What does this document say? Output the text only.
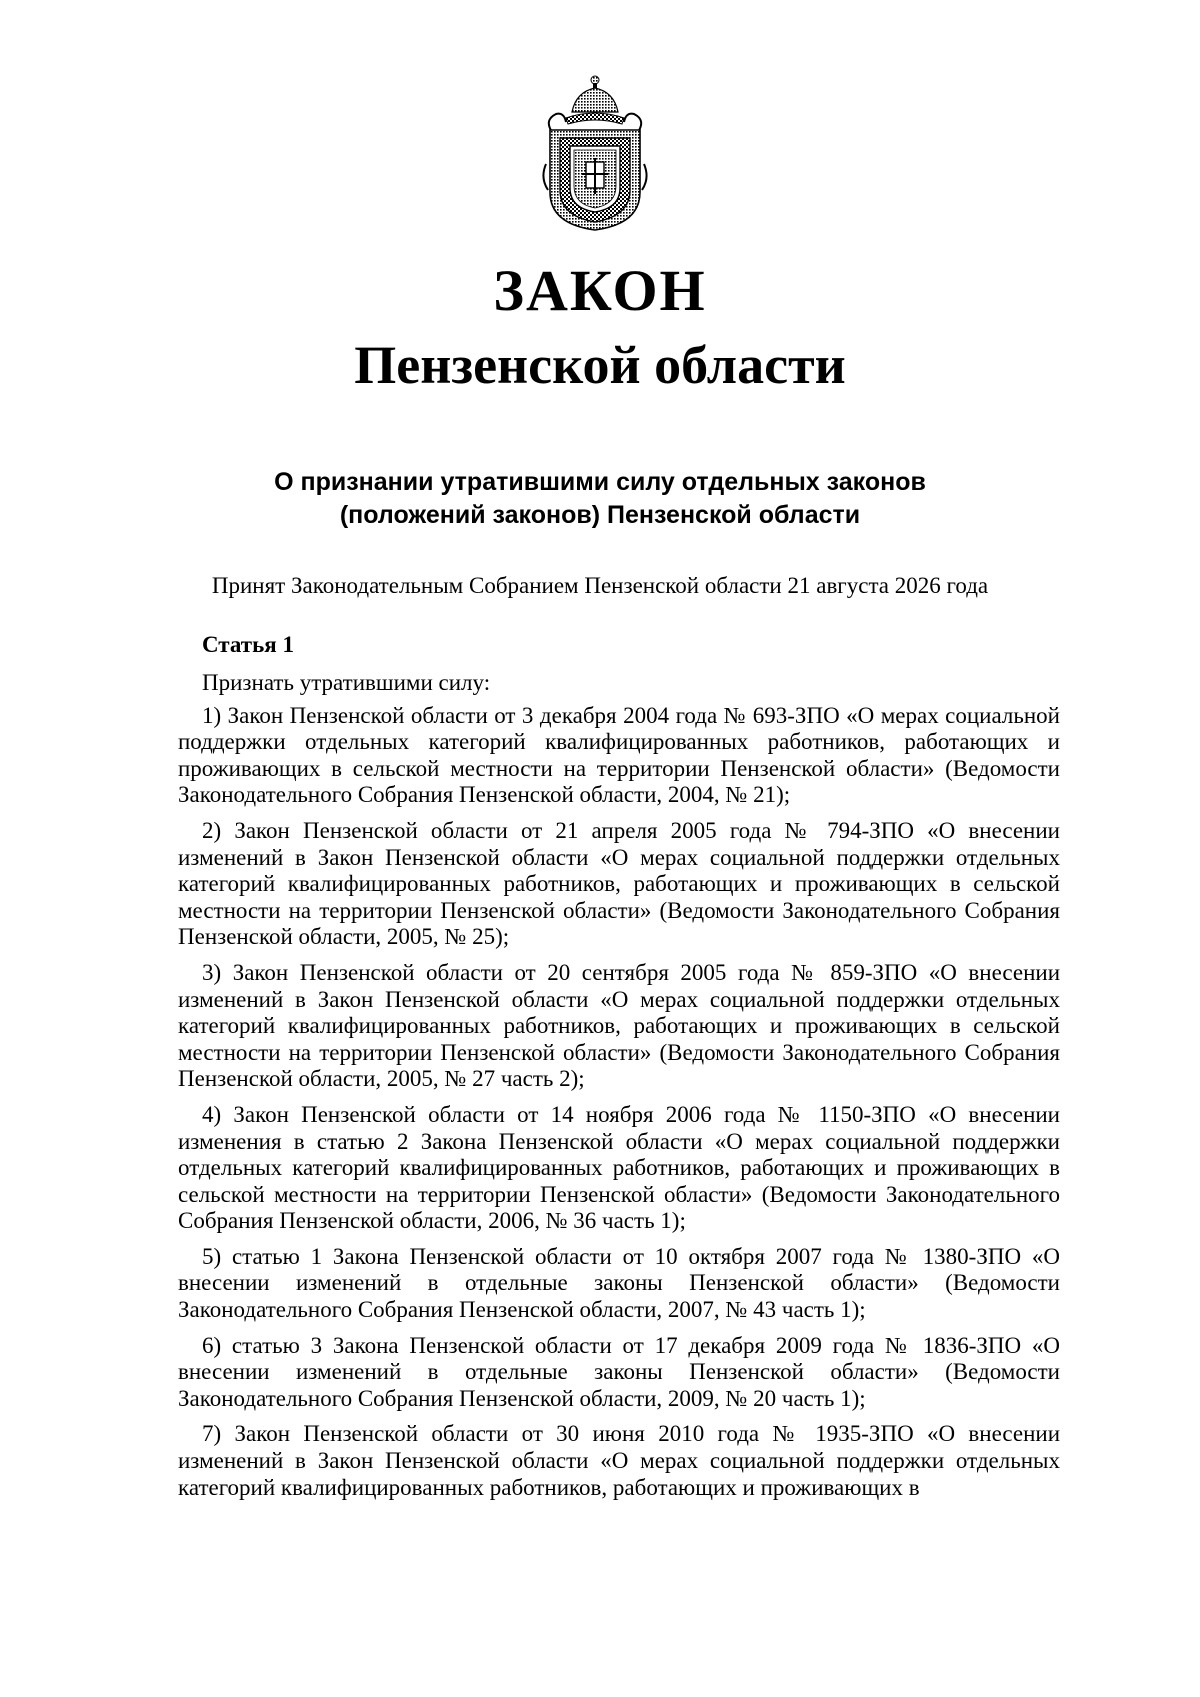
ЗАКОН
Пензенской области
О признании утратившими силу отдельных законов
(положений законов) Пензенской области
Принят Законодательным Собранием Пензенской области 21 августа 2026 года
Статья 1
Признать утратившими силу:

1) Закон Пензенской области от 3 декабря 2004 года № 693-ЗПО «О мерах социальной поддержки отдельных категорий квалифицированных работников, работающих и проживающих в сельской местности на территории Пензенской области» (Ведомости Законодательного Собрания Пензенской области, 2004, № 21);

2) Закон Пензенской области от 21 апреля 2005 года № 794-ЗПО «О внесении изменений в Закон Пензенской области «О мерах социальной поддержки отдельных категорий квалифицированных работников, работающих и проживающих в сельской местности на территории Пензенской области» (Ведомости Законодательного Собрания Пензенской области, 2005, № 25);

3) Закон Пензенской области от 20 сентября 2005 года № 859-ЗПО «О внесении изменений в Закон Пензенской области «О мерах социальной поддержки отдельных категорий квалифицированных работников, работающих и проживающих в сельской местности на территории Пензенской области» (Ведомости Законодательного Собрания Пензенской области, 2005, № 27 часть 2);

4) Закон Пензенской области от 14 ноября 2006 года № 1150-ЗПО «О внесении изменения в статью 2 Закона Пензенской области «О мерах социальной поддержки отдельных категорий квалифицированных работников, работающих и проживающих в сельской местности на территории Пензенской области» (Ведомости Законодательного Собрания Пензенской области, 2006, № 36 часть 1);

5) статью 1 Закона Пензенской области от 10 октября 2007 года № 1380-ЗПО «О внесении изменений в отдельные законы Пензенской области» (Ведомости Законодательного Собрания Пензенской области, 2007, № 43 часть 1);

6) статью 3 Закона Пензенской области от 17 декабря 2009 года № 1836-ЗПО «О внесении изменений в отдельные законы Пензенской области» (Ведомости Законодательного Собрания Пензенской области, 2009, № 20 часть 1);

7) Закон Пензенской области от 30 июня 2010 года № 1935-ЗПО «О внесении изменений в Закон Пензенской области «О мерах социальной поддержки отдельных категорий квалифицированных работников, работающих и проживающих в
